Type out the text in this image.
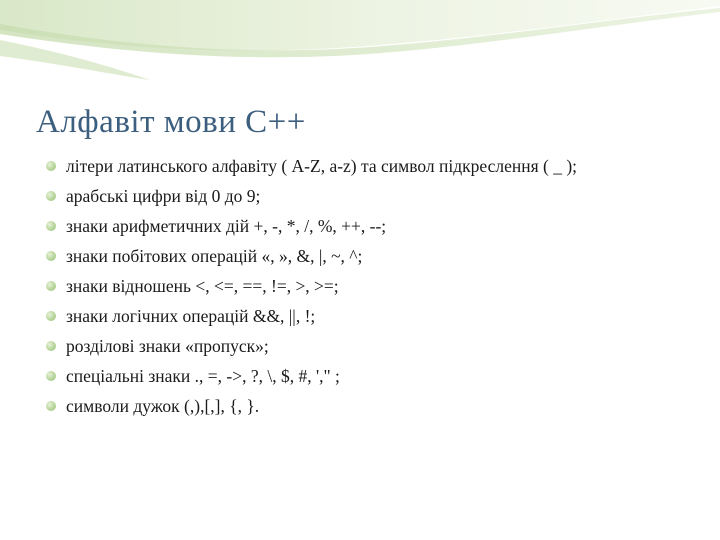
Алфавіт мови С++
літери латинського алфавіту ( A-Z, a-z) та символ підкреслення ( _ );
арабські цифри від 0 до 9;
знаки арифметичних дій +, -, *, /, %, ++, --;
знаки побітових операцій «, », &, |, ~, ^;
знаки відношень <, <=, ==, !=, >, >=;
знаки логічних операцій &&, ||, !;
розділові знаки «пропуск»;
спеціальні знаки ., =, ->, ?, \, $, #, '," ;
символи дужок (,),[,], {, }.
